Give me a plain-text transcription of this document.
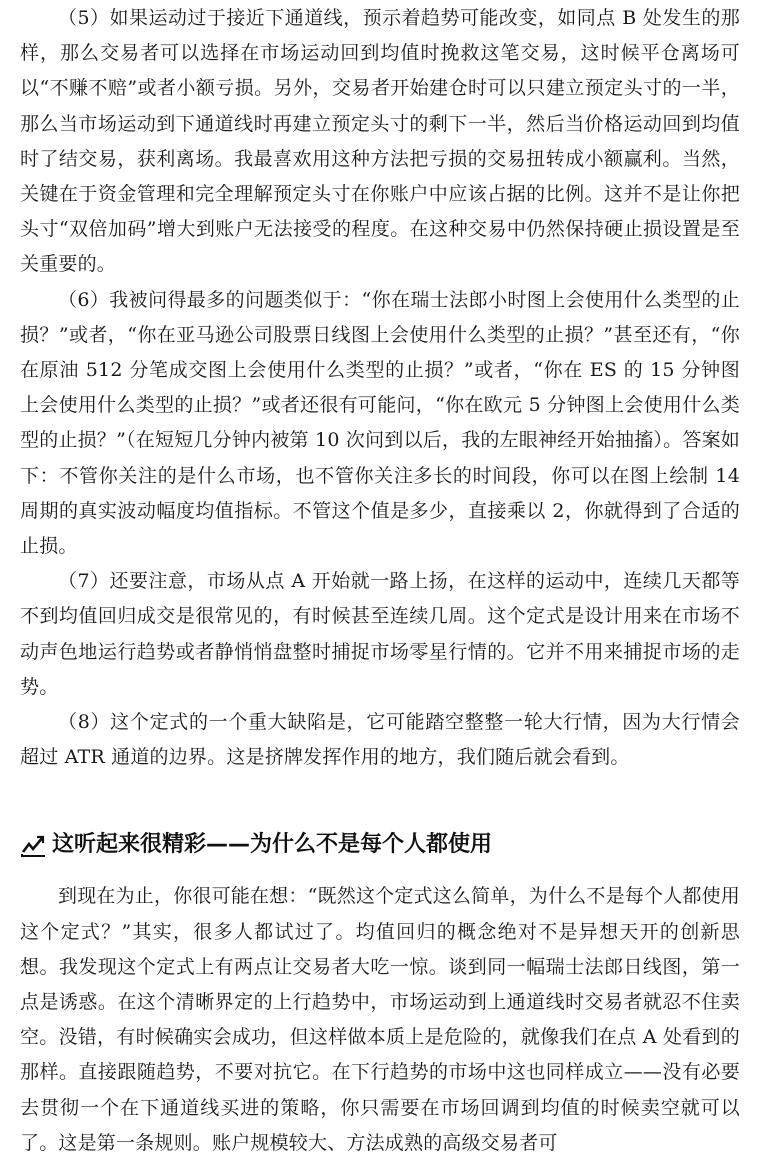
（5）如果运动过于接近下通道线，预示着趋势可能改变，如同点 B 处发生的那样，那么交易者可以选择在市场运动回到均值时挽救这笔交易，这时候平仓离场可以“不赚不赔”或者小额亏损。另外，交易者开始建仓时可以只建立预定头寸的一半，那么当市场运动到下通道线时再建立预定头寸的剩下一半，然后当价格运动回到均值时了结交易，获利离场。我最喜欢用这种方法把亏损的交易扭转成小额赢利。当然，关键在于资金管理和完全理解预定头寸在你账户中应该占据的比例。这并不是让你把头寸“双倍加码”增大到账户无法接受的程度。在这种交易中仍然保持硬止损设置是至关重要的。

（6）我被问得最多的问题类似于：“你在瑞士法郎小时图上会使用什么类型的止损？”或者，“你在亚马逊公司股票日线图上会使用什么类型的止损？”甚至还有，“你在原油 512 分笔成交图上会使用什么类型的止损？”或者，“你在 ES 的 15 分钟图上会使用什么类型的止损？”或者还很有可能问，“你在欧元 5 分钟图上会使用什么类型的止损？”（在短短几分钟内被第 10 次问到以后，我的左眼神经开始抽搐）。答案如下：不管你关注的是什么市场，也不管你关注多长的时间段，你可以在图上绘制 14 周期的真实波动幅度均值指标。不管这个值是多少，直接乘以 2，你就得到了合适的止损。

（7）还要注意，市场从点 A 开始就一路上扬，在这样的运动中，连续几天都等不到均值回归成交是很常见的，有时候甚至连续几周。这个定式是设计用来在市场不动声色地运行趋势或者静悄悄盘整时捕捉市场零星行情的。它并不用来捕捉市场的走势。

（8）这个定式的一个重大缺陷是，它可能踏空整整一轮大行情，因为大行情会超过 ATR 通道的边界。这是挤牌发挥作用的地方，我们随后就会看到。

这听起来很精彩——为什么不是每个人都使用

到现在为止，你很可能在想：“既然这个定式这么简单，为什么不是每个人都使用这个定式？”其实，很多人都试过了。均值回归的概念绝对不是异想天开的创新思想。我发现这个定式上有两点让交易者大吃一惊。谈到同一幅瑞士法郎日线图，第一点是诱惑。在这个清晰界定的上行趋势中，市场运动到上通道线时交易者就忍不住卖空。没错，有时候确实会成功，但这样做本质上是危险的，就像我们在点 A 处看到的那样。直接跟随趋势，不要对抗它。在下行趋势的市场中这也同样成立——没有必要去贯彻一个在下通道线买进的策略，你只需要在市场回调到均值的时候卖空就可以了。这是第一条规则。账户规模较大、方法成熟的高级交易者可
